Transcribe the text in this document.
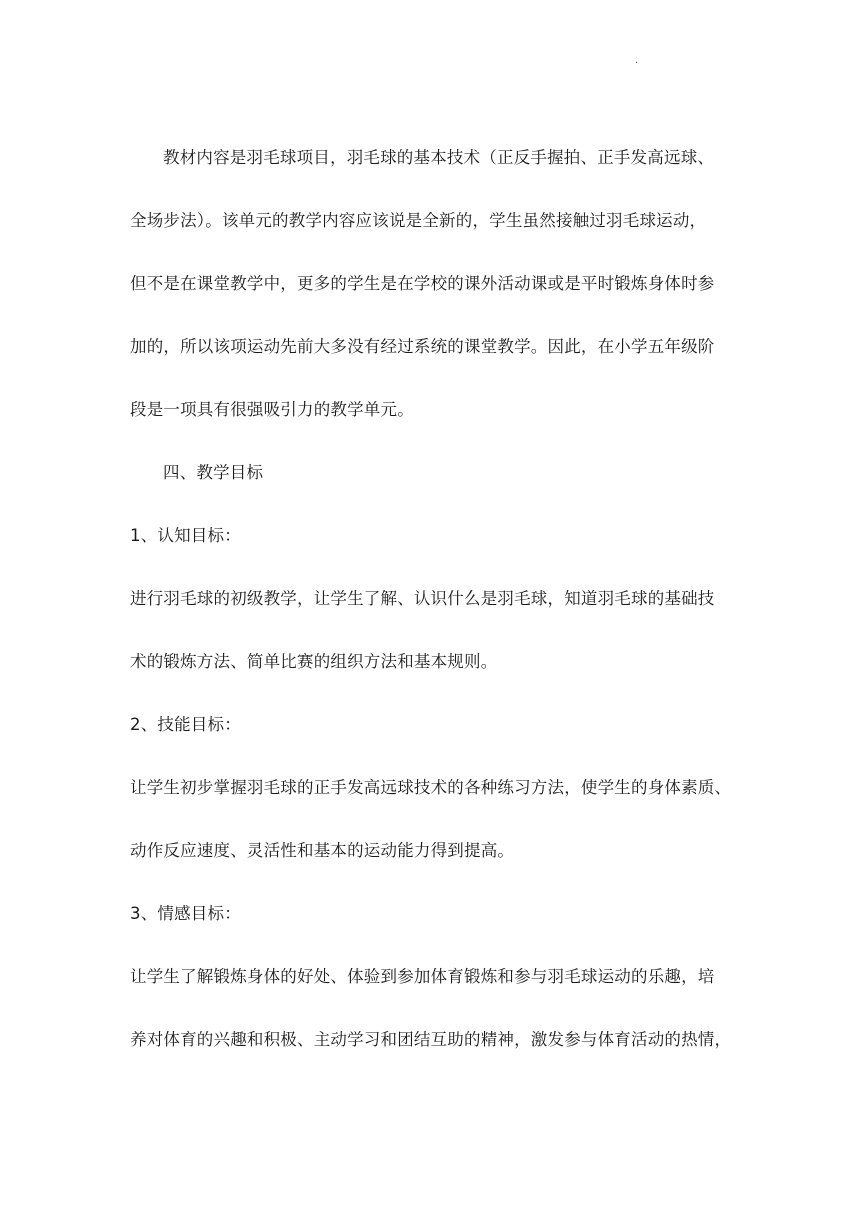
.
教材内容是羽毛球项目，羽毛球的基本技术（正反手握拍、正手发高远球、
全场步法）。该单元的教学内容应该说是全新的，学生虽然接触过羽毛球运动，
但不是在课堂教学中，更多的学生是在学校的课外活动课或是平时锻炼身体时参
加的，所以该项运动先前大多没有经过系统的课堂教学。因此，在小学五年级阶
段是一项具有很强吸引力的教学单元。
四、教学目标
1、认知目标：
进行羽毛球的初级教学，让学生了解、认识什么是羽毛球，知道羽毛球的基础技
术的锻炼方法、简单比赛的组织方法和基本规则。
2、技能目标：
让学生初步掌握羽毛球的正手发高远球技术的各种练习方法，使学生的身体素质、
动作反应速度、灵活性和基本的运动能力得到提高。
3、情感目标：
让学生了解锻炼身体的好处、体验到参加体育锻炼和参与羽毛球运动的乐趣，培
养对体育的兴趣和积极、主动学习和团结互助的精神，激发参与体育活动的热情，
